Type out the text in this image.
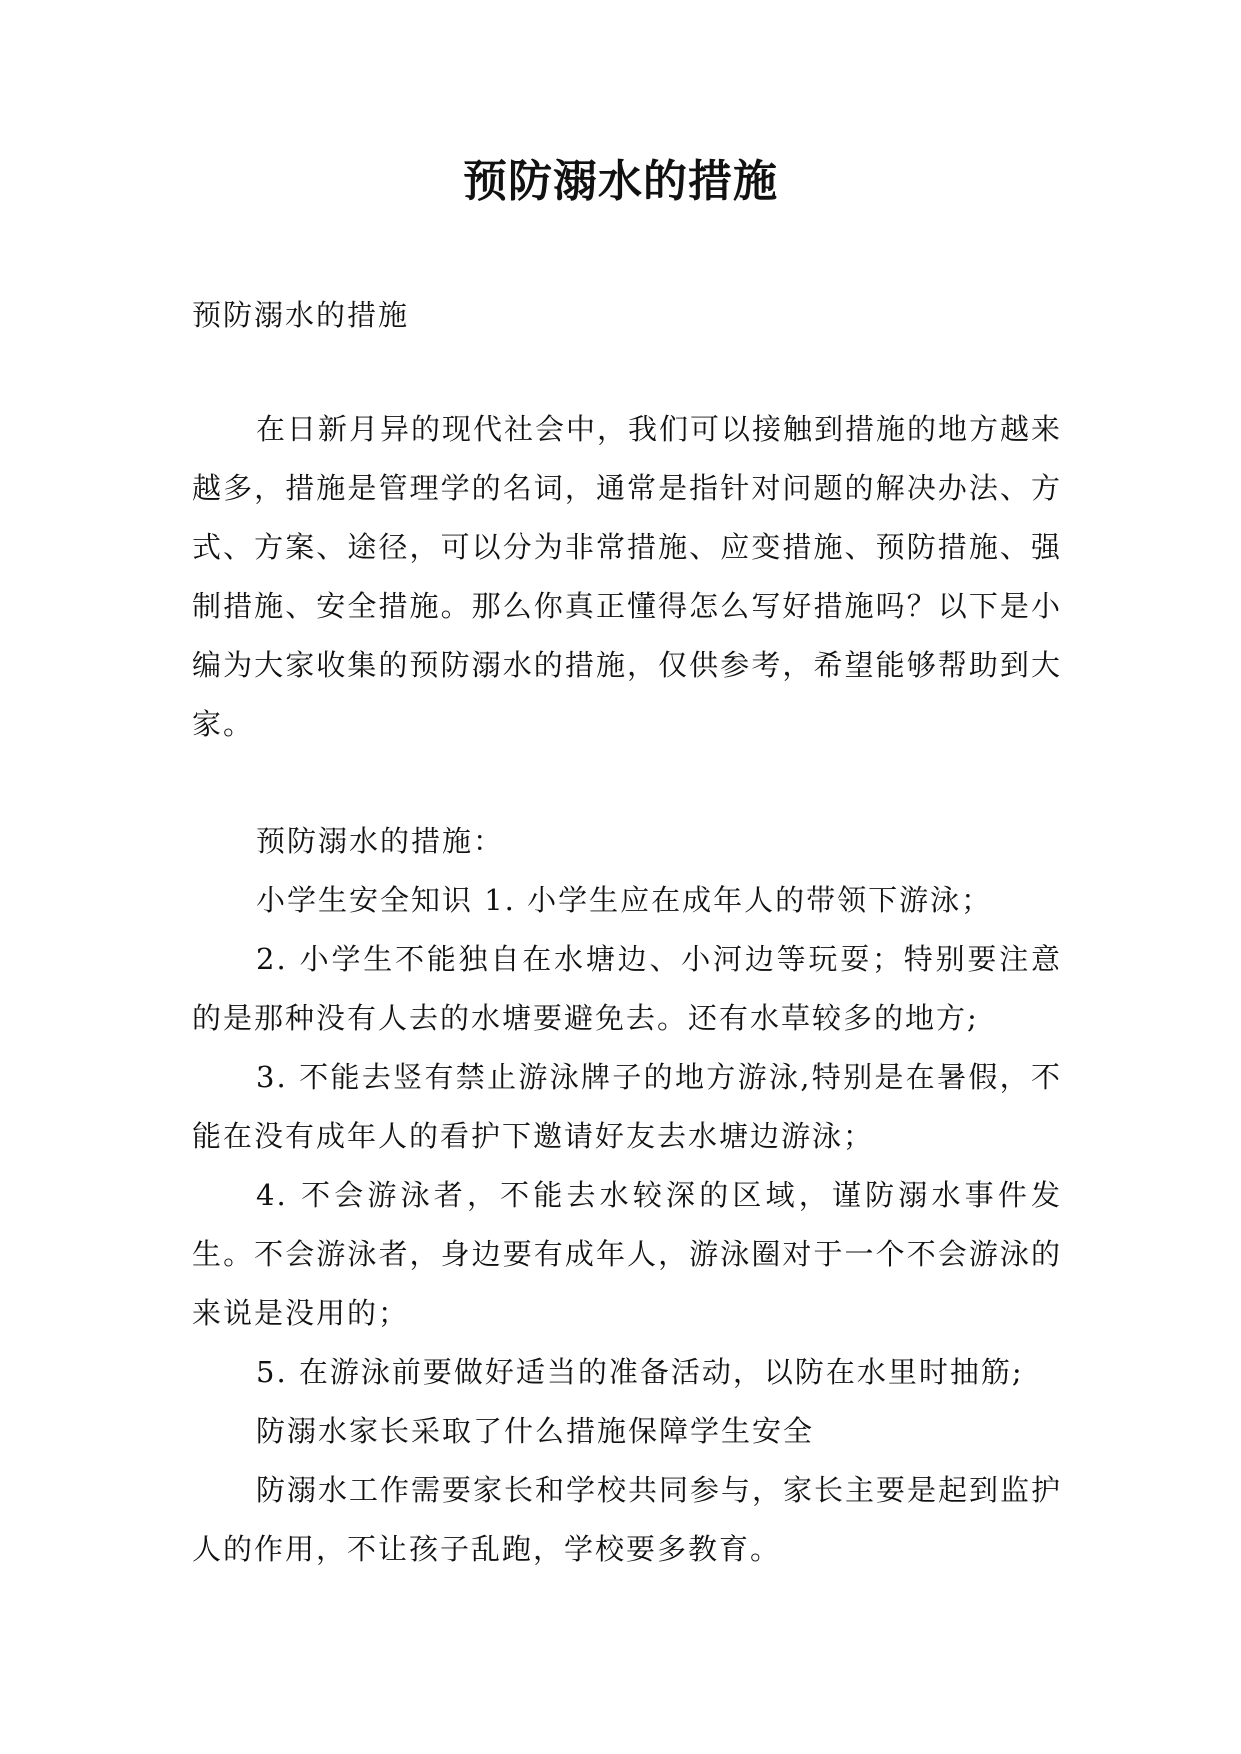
预防溺水的措施

预防溺水的措施

在日新月异的现代社会中，我们可以接触到措施的地方越来越多，措施是管理学的名词，通常是指针对问题的解决办法、方式、方案、途径，可以分为非常措施、应变措施、预防措施、强制措施、安全措施。那么你真正懂得怎么写好措施吗？以下是小编为大家收集的预防溺水的措施，仅供参考，希望能够帮助到大家。

预防溺水的措施：

小学生安全知识 1. 小学生应在成年人的带领下游泳；

2. 小学生不能独自在水塘边、小河边等玩耍；特别要注意的是那种没有人去的水塘要避免去。还有水草较多的地方;

3. 不能去竖有禁止游泳牌子的地方游泳,特别是在暑假，不能在没有成年人的看护下邀请好友去水塘边游泳；

4. 不会游泳者，不能去水较深的区域，谨防溺水事件发生。不会游泳者，身边要有成年人，游泳圈对于一个不会游泳的来说是没用的；

5. 在游泳前要做好适当的准备活动，以防在水里时抽筋;

防溺水家长采取了什么措施保障学生安全

防溺水工作需要家长和学校共同参与，家长主要是起到监护人的作用，不让孩子乱跑，学校要多教育。
